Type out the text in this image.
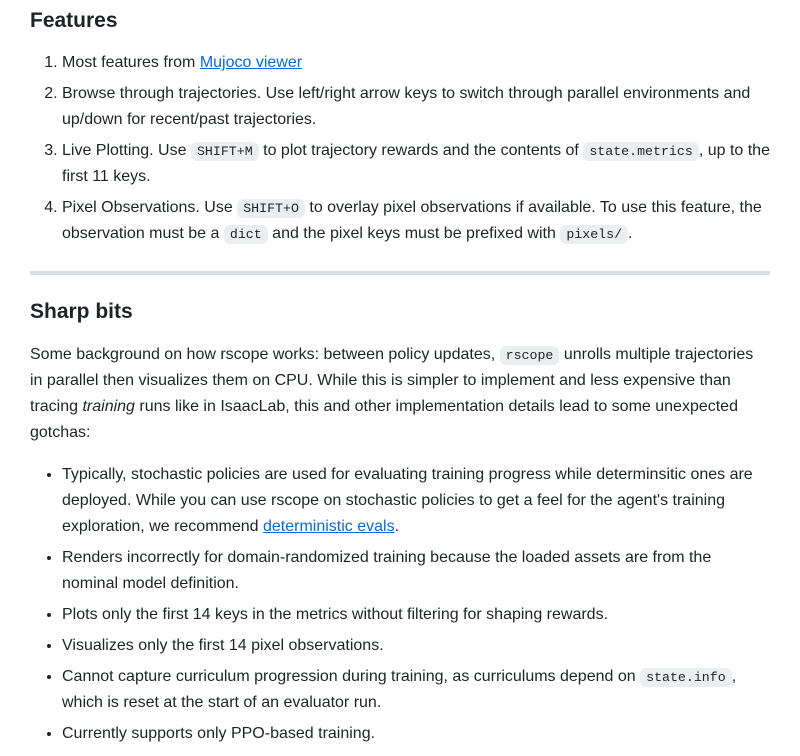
Features
1. Most features from Mujoco viewer
2. Browse through trajectories. Use left/right arrow keys to switch through parallel environments and up/down for recent/past trajectories.
3. Live Plotting. Use SHIFT+M to plot trajectory rewards and the contents of state.metrics , up to the first 11 keys.
4. Pixel Observations. Use SHIFT+O to overlay pixel observations if available. To use this feature, the observation must be a dict and the pixel keys must be prefixed with pixels/ .
Sharp bits

Some background on how rscope works: between policy updates, rscope unrolls multiple trajectories in parallel then visualizes them on CPU. While this is simpler to implement and less expensive than tracing training runs like in IsaacLab, this and other implementation details lead to some unexpected gotchas:

• Typically, stochastic policies are used for evaluating training progress while determinsitic ones are deployed. While you can use rscope on stochastic policies to get a feel for the agent's training exploration, we recommend deterministic evals.
• Renders incorrectly for domain-randomized training because the loaded assets are from the nominal model definition.
• Plots only the first 14 keys in the metrics without filtering for shaping rewards.
• Visualizes only the first 14 pixel observations.
• Cannot capture curriculum progression during training, as curriculums depend on state.info , which is reset at the start of an evaluator run.
• Currently supports only PPO-based training.
